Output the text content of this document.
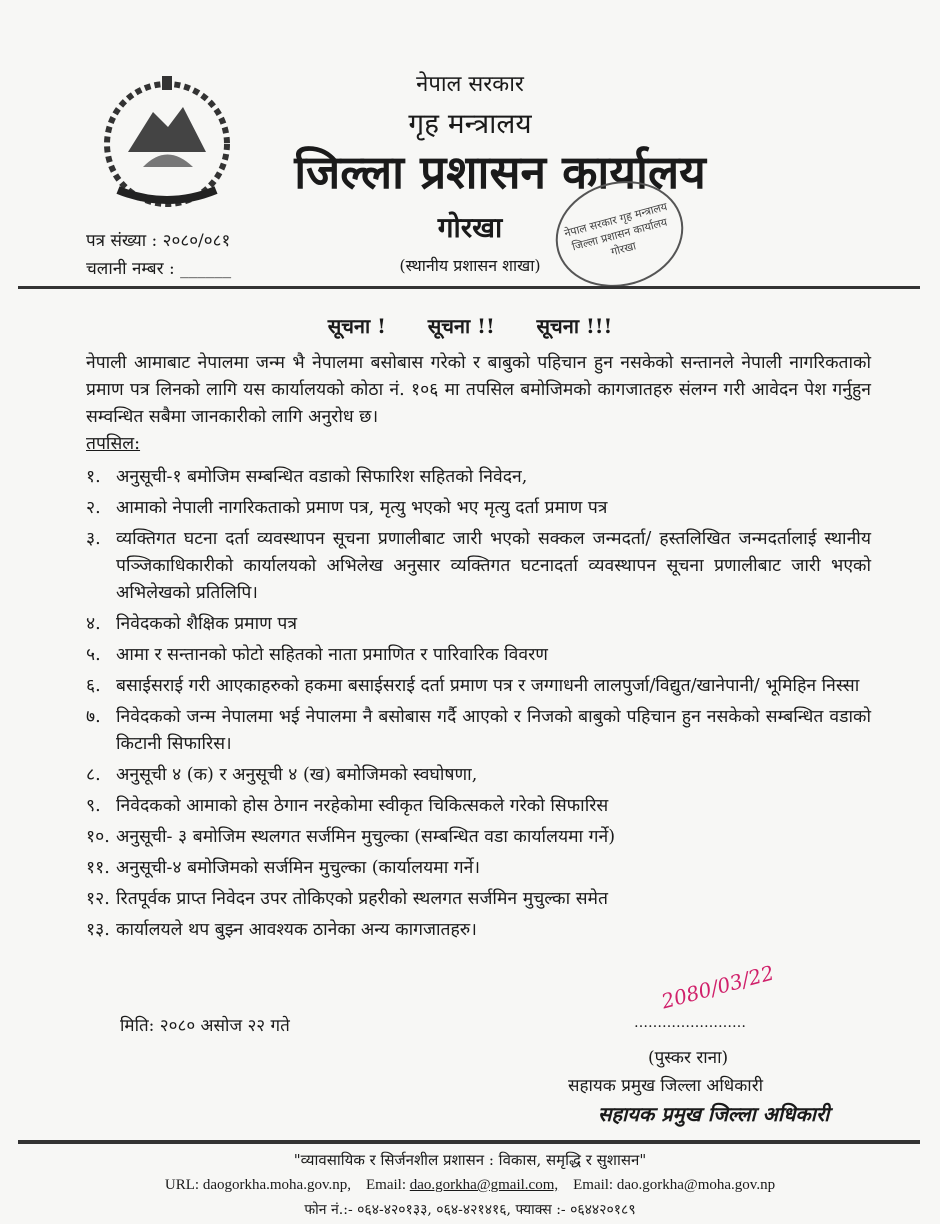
नेपाल सरकार
गृह मन्त्रालय
जिल्ला प्रशासन कार्यालय
गोरखा
(स्थानीय प्रशासन शाखा)
पत्र संख्या : २०८०/०८१
चलानी नम्बर : ______
नेपाल सरकार गृह मन्त्रालय जिल्ला प्रशासन कार्यालय गोरखा
सूचना !      सूचना !!      सूचना !!!
नेपाली आमाबाट नेपालमा जन्म भै नेपालमा बसोबास गरेको र बाबुको पहिचान हुन नसकेको सन्तानले नेपाली नागरिकताको प्रमाण पत्र लिनको लागि यस कार्यालयको कोठा नं. १०६ मा तपसिल बमोजिमको कागजातहरु संलग्न गरी आवेदन पेश गर्नुहुन सम्वन्धित सबैमा जानकारीको लागि अनुरोध छ।
तपसिल:
१. अनुसूची-१ बमोजिम सम्बन्धित वडाको सिफारिश सहितको निवेदन,
२. आमाको नेपाली नागरिकताको प्रमाण पत्र, मृत्यु भएको भए मृत्यु दर्ता प्रमाण पत्र
३. व्यक्तिगत घटना दर्ता व्यवस्थापन सूचना प्रणालीबाट जारी भएको सक्कल जन्मदर्ता/ हस्तलिखित जन्मदर्तालाई स्थानीय पञ्जिकाधिकारीको कार्यालयको अभिलेख अनुसार व्यक्तिगत घटनादर्ता व्यवस्थापन सूचना प्रणालीबाट जारी भएको अभिलेखको प्रतिलिपि।
४. निवेदकको शैक्षिक प्रमाण पत्र
५. आमा र सन्तानको फोटो सहितको नाता प्रमाणित र पारिवारिक विवरण
६. बसाईसराई गरी आएकाहरुको हकमा बसाईसराई दर्ता प्रमाण पत्र र जग्गाधनी लालपुर्जा/विद्युत/खानेपानी/ भूमिहिन निस्सा
७. निवेदकको जन्म नेपालमा भई नेपालमा नै बसोबास गर्दै आएको र निजको बाबुको पहिचान हुन नसकेको सम्बन्धित वडाको किटानी सिफारिस।
८. अनुसूची ४ (क) र अनुसूची ४ (ख) बमोजिमको स्वघोषणा,
९. निवेदकको आमाको होस ठेगान नरहेकोमा स्वीकृत चिकित्सकले गरेको सिफारिस
१०. अनुसूची- ३ बमोजिम स्थलगत सर्जमिन मुचुल्का (सम्बन्धित वडा कार्यालयमा गर्ने)
११. अनुसूची-४ बमोजिमको सर्जमिन मुचुल्का (कार्यालयमा गर्ने।
१२. रितपूर्वक प्राप्त निवेदन उपर तोकिएको प्रहरीको स्थलगत सर्जमिन मुचुल्का समेत
१३. कार्यालयले थप बुझ्न आवश्यक ठानेका अन्य कागजातहरु।
मिति: २०८० असोज २२ गते
2080/03/22
……………………
(पुस्कर राना)
सहायक प्रमुख जिल्ला अधिकारी
सहायक प्रमुख जिल्ला अधिकारी
"व्यावसायिक र सिर्जनशील प्रशासन : विकास, समृद्धि र सुशासन"
URL: daogorkha.moha.gov.np, Email: dao.gorkha@gmail.com, Email: dao.gorkha@moha.gov.np
फोन नं.:- ०६४-४२०१३३, ०६४-४२१४१६, फ्याक्स :- ०६४४२०१८९
